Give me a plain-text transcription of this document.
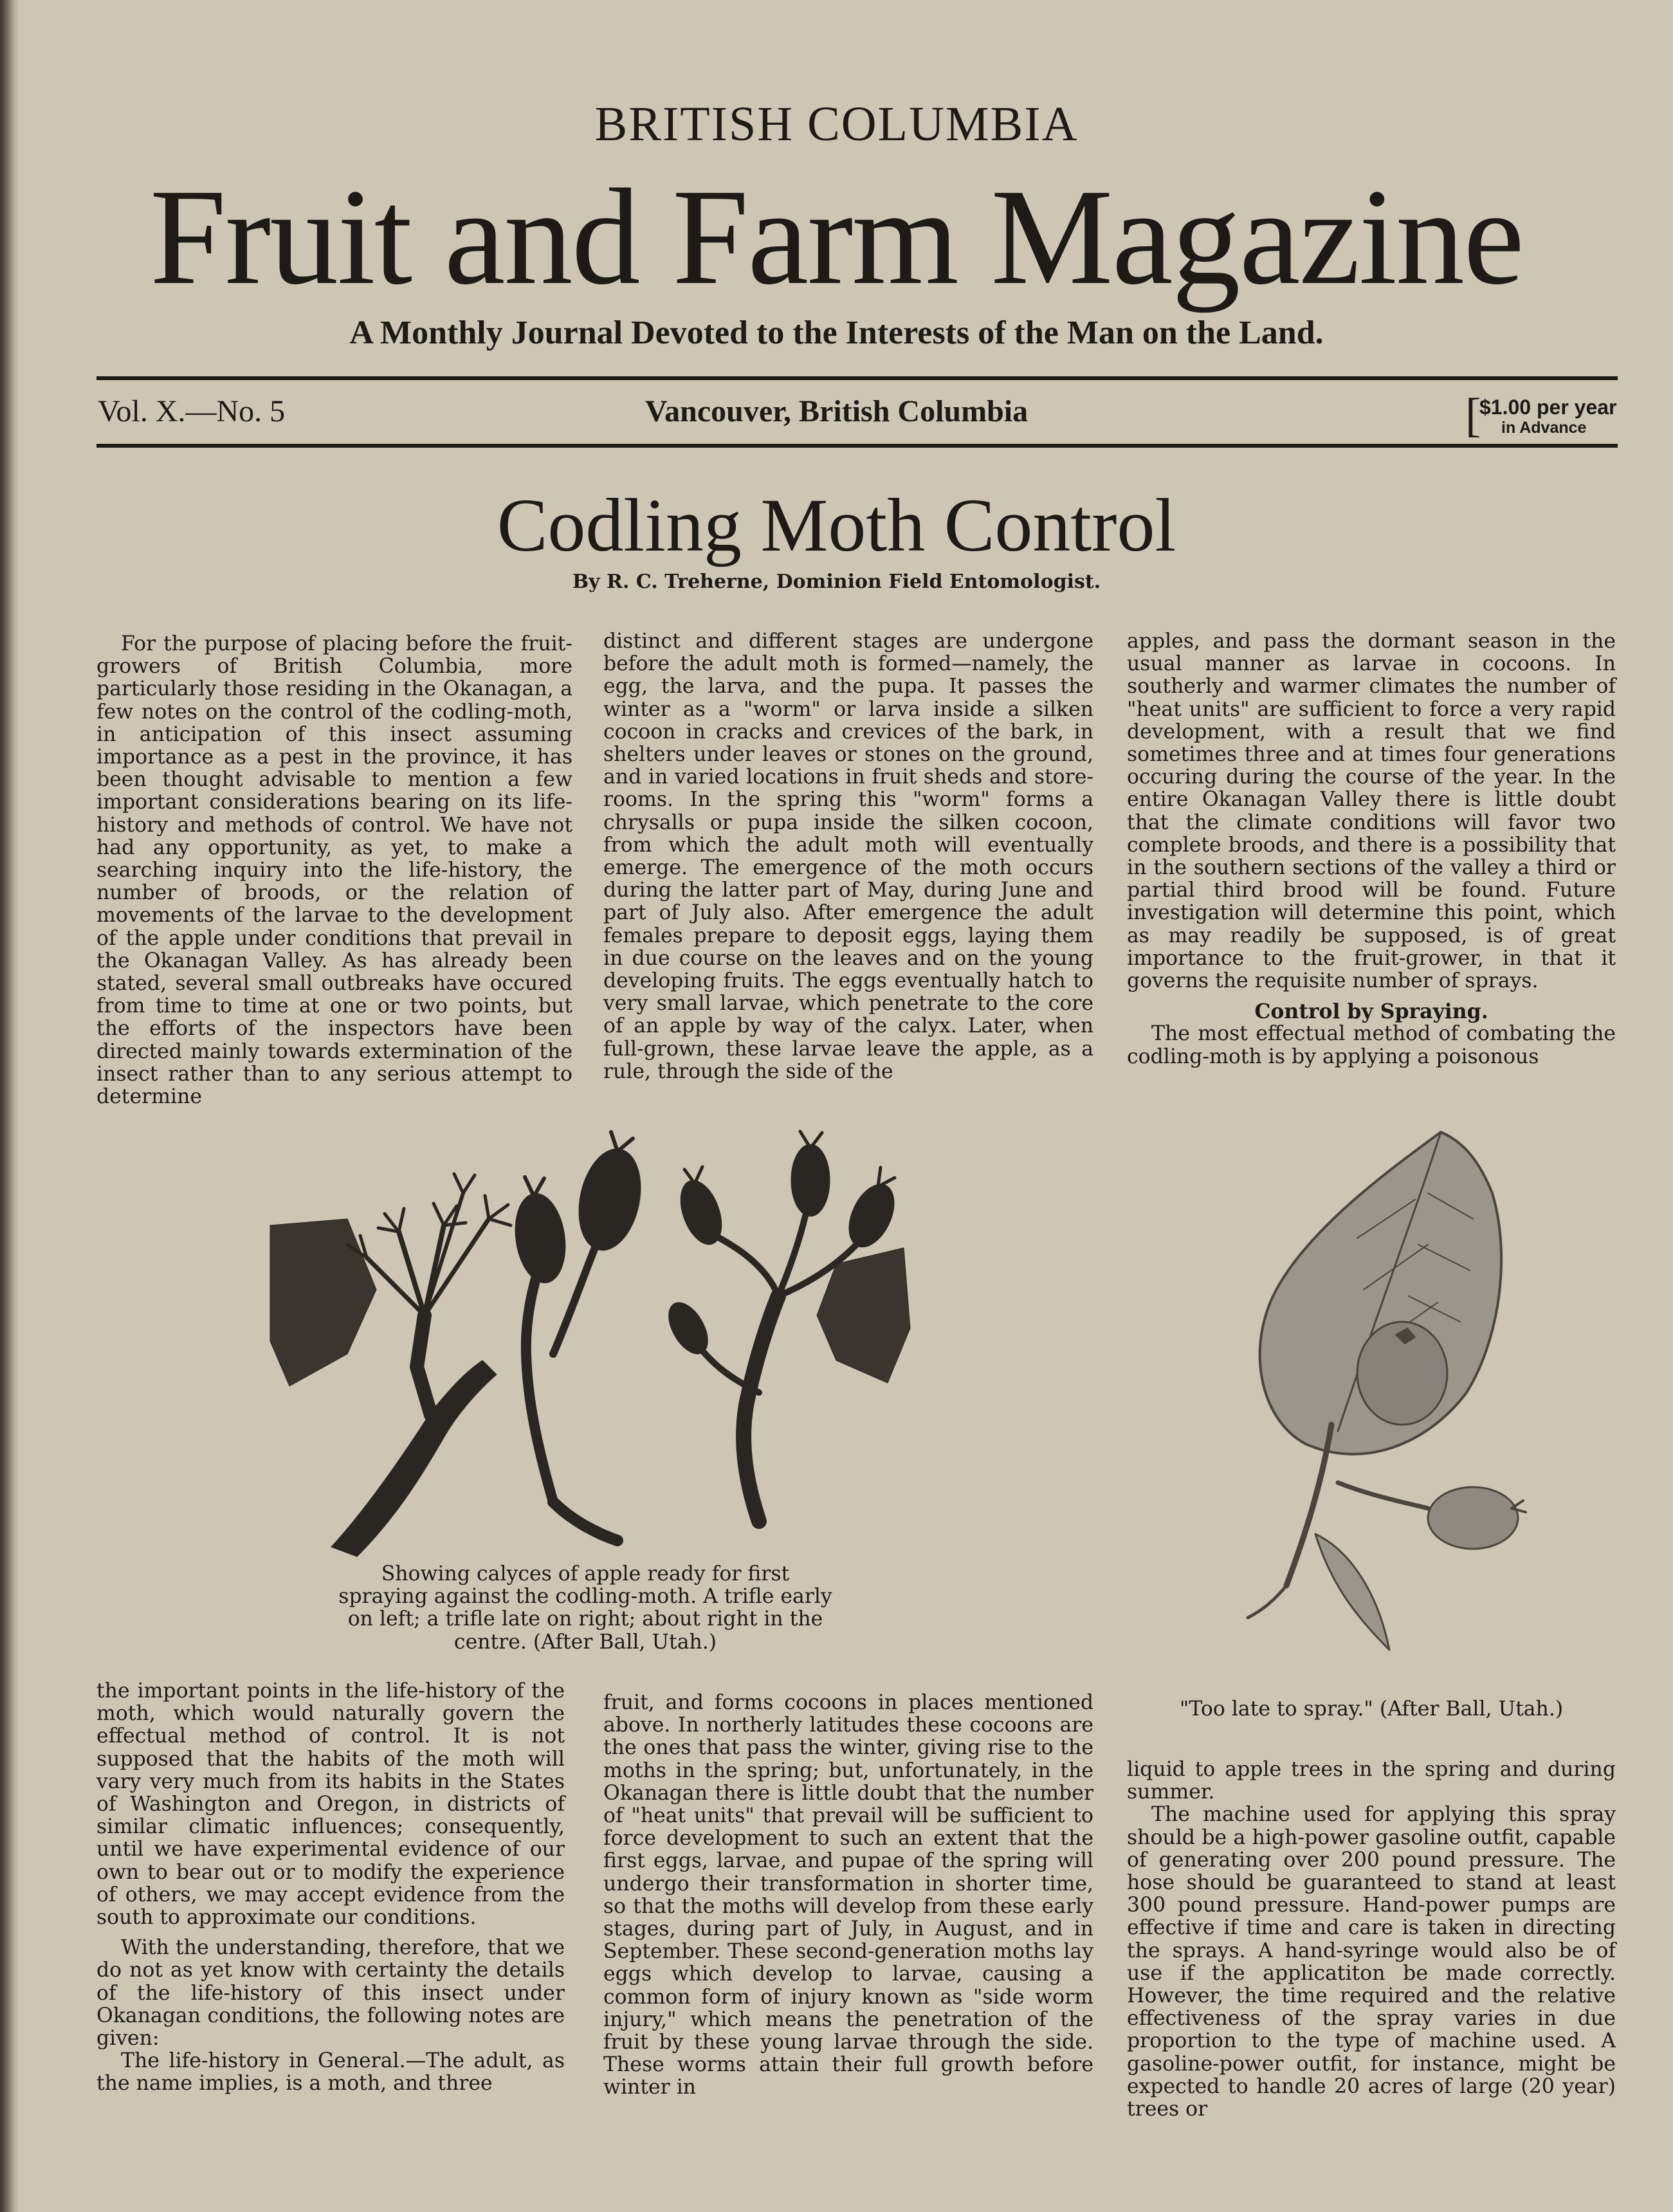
BRITISH COLUMBIA
Fruit and Farm Magazine
A Monthly Journal Devoted to the Interests of the Man on the Land.
Vol. X.—No. 5	Vancouver, British Columbia	[
$1.00 per year
in Advance
Codling Moth Control
By R. C. Treherne, Dominion Field Entomologist.

For the purpose of placing before the fruit-growers of British Columbia, more particularly those residing in the Okanagan, a few notes on the control of the codling-moth, in anticipation of this insect assuming importance as a pest in the province, it has been thought advisable to mention a few important considerations bearing on its life-history and methods of control. We have not had any opportunity, as yet, to make a searching inquiry into the life-history, the number of broods, or the relation of movements of the larvae to the development of the apple under conditions that prevail in the Okanagan Valley. As has already been stated, several small outbreaks have occured from time to time at one or two points, but the efforts of the inspectors have been directed mainly towards extermination of the insect rather than to any serious attempt to determine

distinct and different stages are undergone before the adult moth is formed—namely, the egg, the larva, and the pupa. It passes the winter as a "worm" or larva inside a silken cocoon in cracks and crevices of the bark, in shelters under leaves or stones on the ground, and in varied locations in fruit sheds and store-rooms. In the spring this "worm" forms a chrysalls or pupa inside the silken cocoon, from which the adult moth will eventually emerge. The emergence of the moth occurs during the latter part of May, during June and part of July also. After emergence the adult females prepare to deposit eggs, laying them in due course on the leaves and on the young developing fruits. The eggs eventually hatch to very small larvae, which penetrate to the core of an apple by way of the calyx. Later, when full-grown, these larvae leave the apple, as a rule, through the side of the

apples, and pass the dormant season in the usual manner as larvae in cocoons. In southerly and warmer climates the number of "heat units" are sufficient to force a very rapid development, with a result that we find sometimes three and at times four generations occuring during the course of the year. In the entire Okanagan Valley there is little doubt that the climate conditions will favor two complete broods, and there is a possibility that in the southern sections of the valley a third or partial third brood will be found. Future investigation will determine this point, which as may readily be supposed, is of great importance to the fruit-grower, in that it governs the requisite number of sprays.

Control by Spraying.

The most effectual method of combating the codling-moth is by applying a poisonous

Showing calyces of apple ready for first spraying against the codling-moth. A trifle early on left; a trifle late on right; about right in the centre. (After Ball, Utah.)

"Too late to spray." (After Ball, Utah.)

the important points in the life-history of the moth, which would naturally govern the effectual method of control. It is not supposed that the habits of the moth will vary very much from its habits in the States of Washington and Oregon, in districts of similar climatic influences; consequently, until we have experimental evidence of our own to bear out or to modify the experience of others, we may accept evidence from the south to approximate our conditions.

With the understanding, therefore, that we do not as yet know with certainty the details of the life-history of this insect under Okanagan conditions, the following notes are given:

The life-history in General.—The adult, as the name implies, is a moth, and three

fruit, and forms cocoons in places mentioned above. In northerly latitudes these cocoons are the ones that pass the winter, giving rise to the moths in the spring; but, unfortunately, in the Okanagan there is little doubt that the number of "heat units" that prevail will be sufficient to force development to such an extent that the first eggs, larvae, and pupae of the spring will undergo their transformation in shorter time, so that the moths will develop from these early stages, during part of July, in August, and in September. These second-generation moths lay eggs which develop to larvae, causing a common form of injury known as "side worm injury," which means the penetration of the fruit by these young larvae through the side. These worms attain their full growth before winter in

liquid to apple trees in the spring and during summer.

The machine used for applying this spray should be a high-power gasoline outfit, capable of generating over 200 pound pressure. The hose should be guaranteed to stand at least 300 pound pressure. Hand-power pumps are effective if time and care is taken in directing the sprays. A hand-syringe would also be of use if the applicatiton be made correctly. However, the time required and the relative effectiveness of the spray varies in due proportion to the type of machine used. A gasoline-power outfit, for instance, might be expected to handle 20 acres of large (20 year) trees or
